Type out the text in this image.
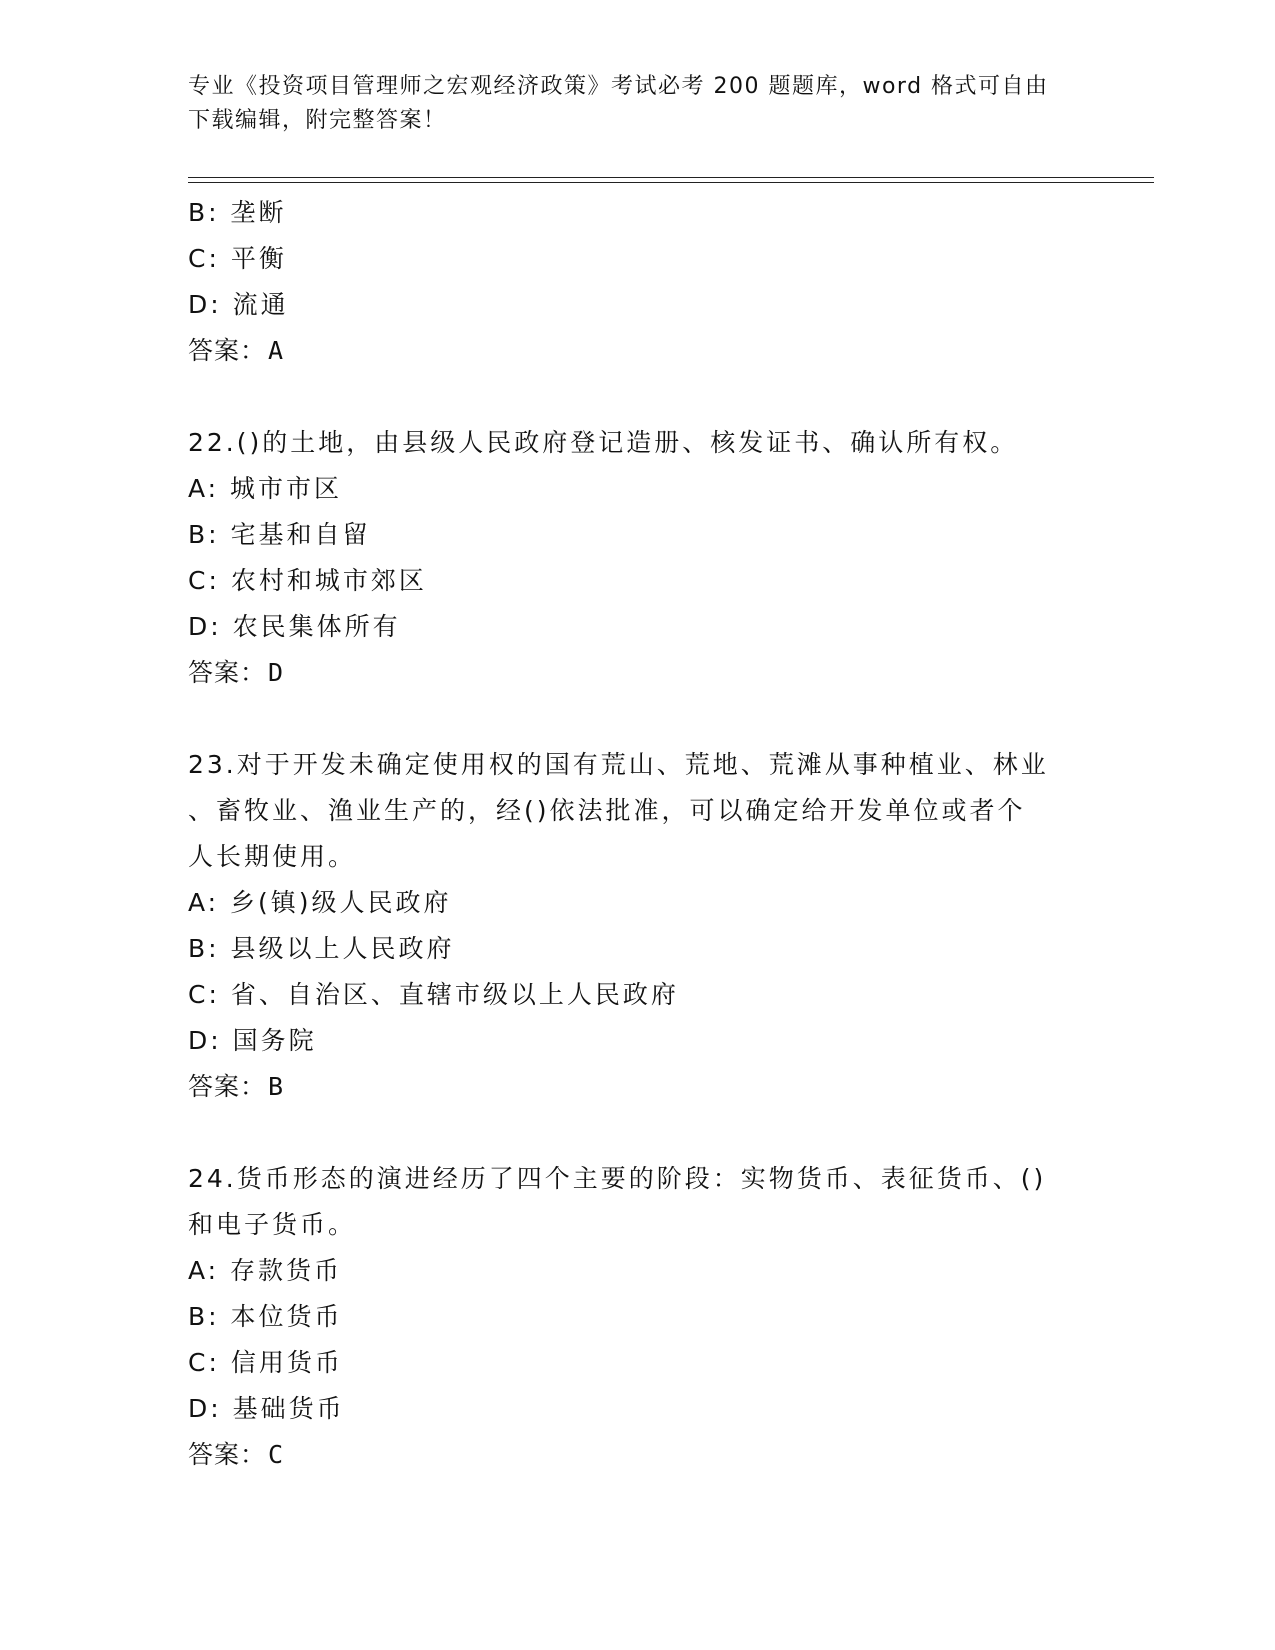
专业《投资项目管理师之宏观经济政策》考试必考 200 题题库，word 格式可自由
下载编辑，附完整答案！
B: 垄断
C: 平衡
D: 流通
答案：A
22.()的土地，由县级人民政府登记造册、核发证书、确认所有权。
A: 城市市区
B: 宅基和自留
C: 农村和城市郊区
D: 农民集体所有
答案：D
23.对于开发未确定使用权的国有荒山、荒地、荒滩从事种植业、林业
、畜牧业、渔业生产的，经()依法批准，可以确定给开发单位或者个
人长期使用。
A: 乡(镇)级人民政府
B: 县级以上人民政府
C: 省、自治区、直辖市级以上人民政府
D: 国务院
答案：B
24.货币形态的演进经历了四个主要的阶段：实物货币、表征货币、()
和电子货币。
A: 存款货币
B: 本位货币
C: 信用货币
D: 基础货币
答案：C
